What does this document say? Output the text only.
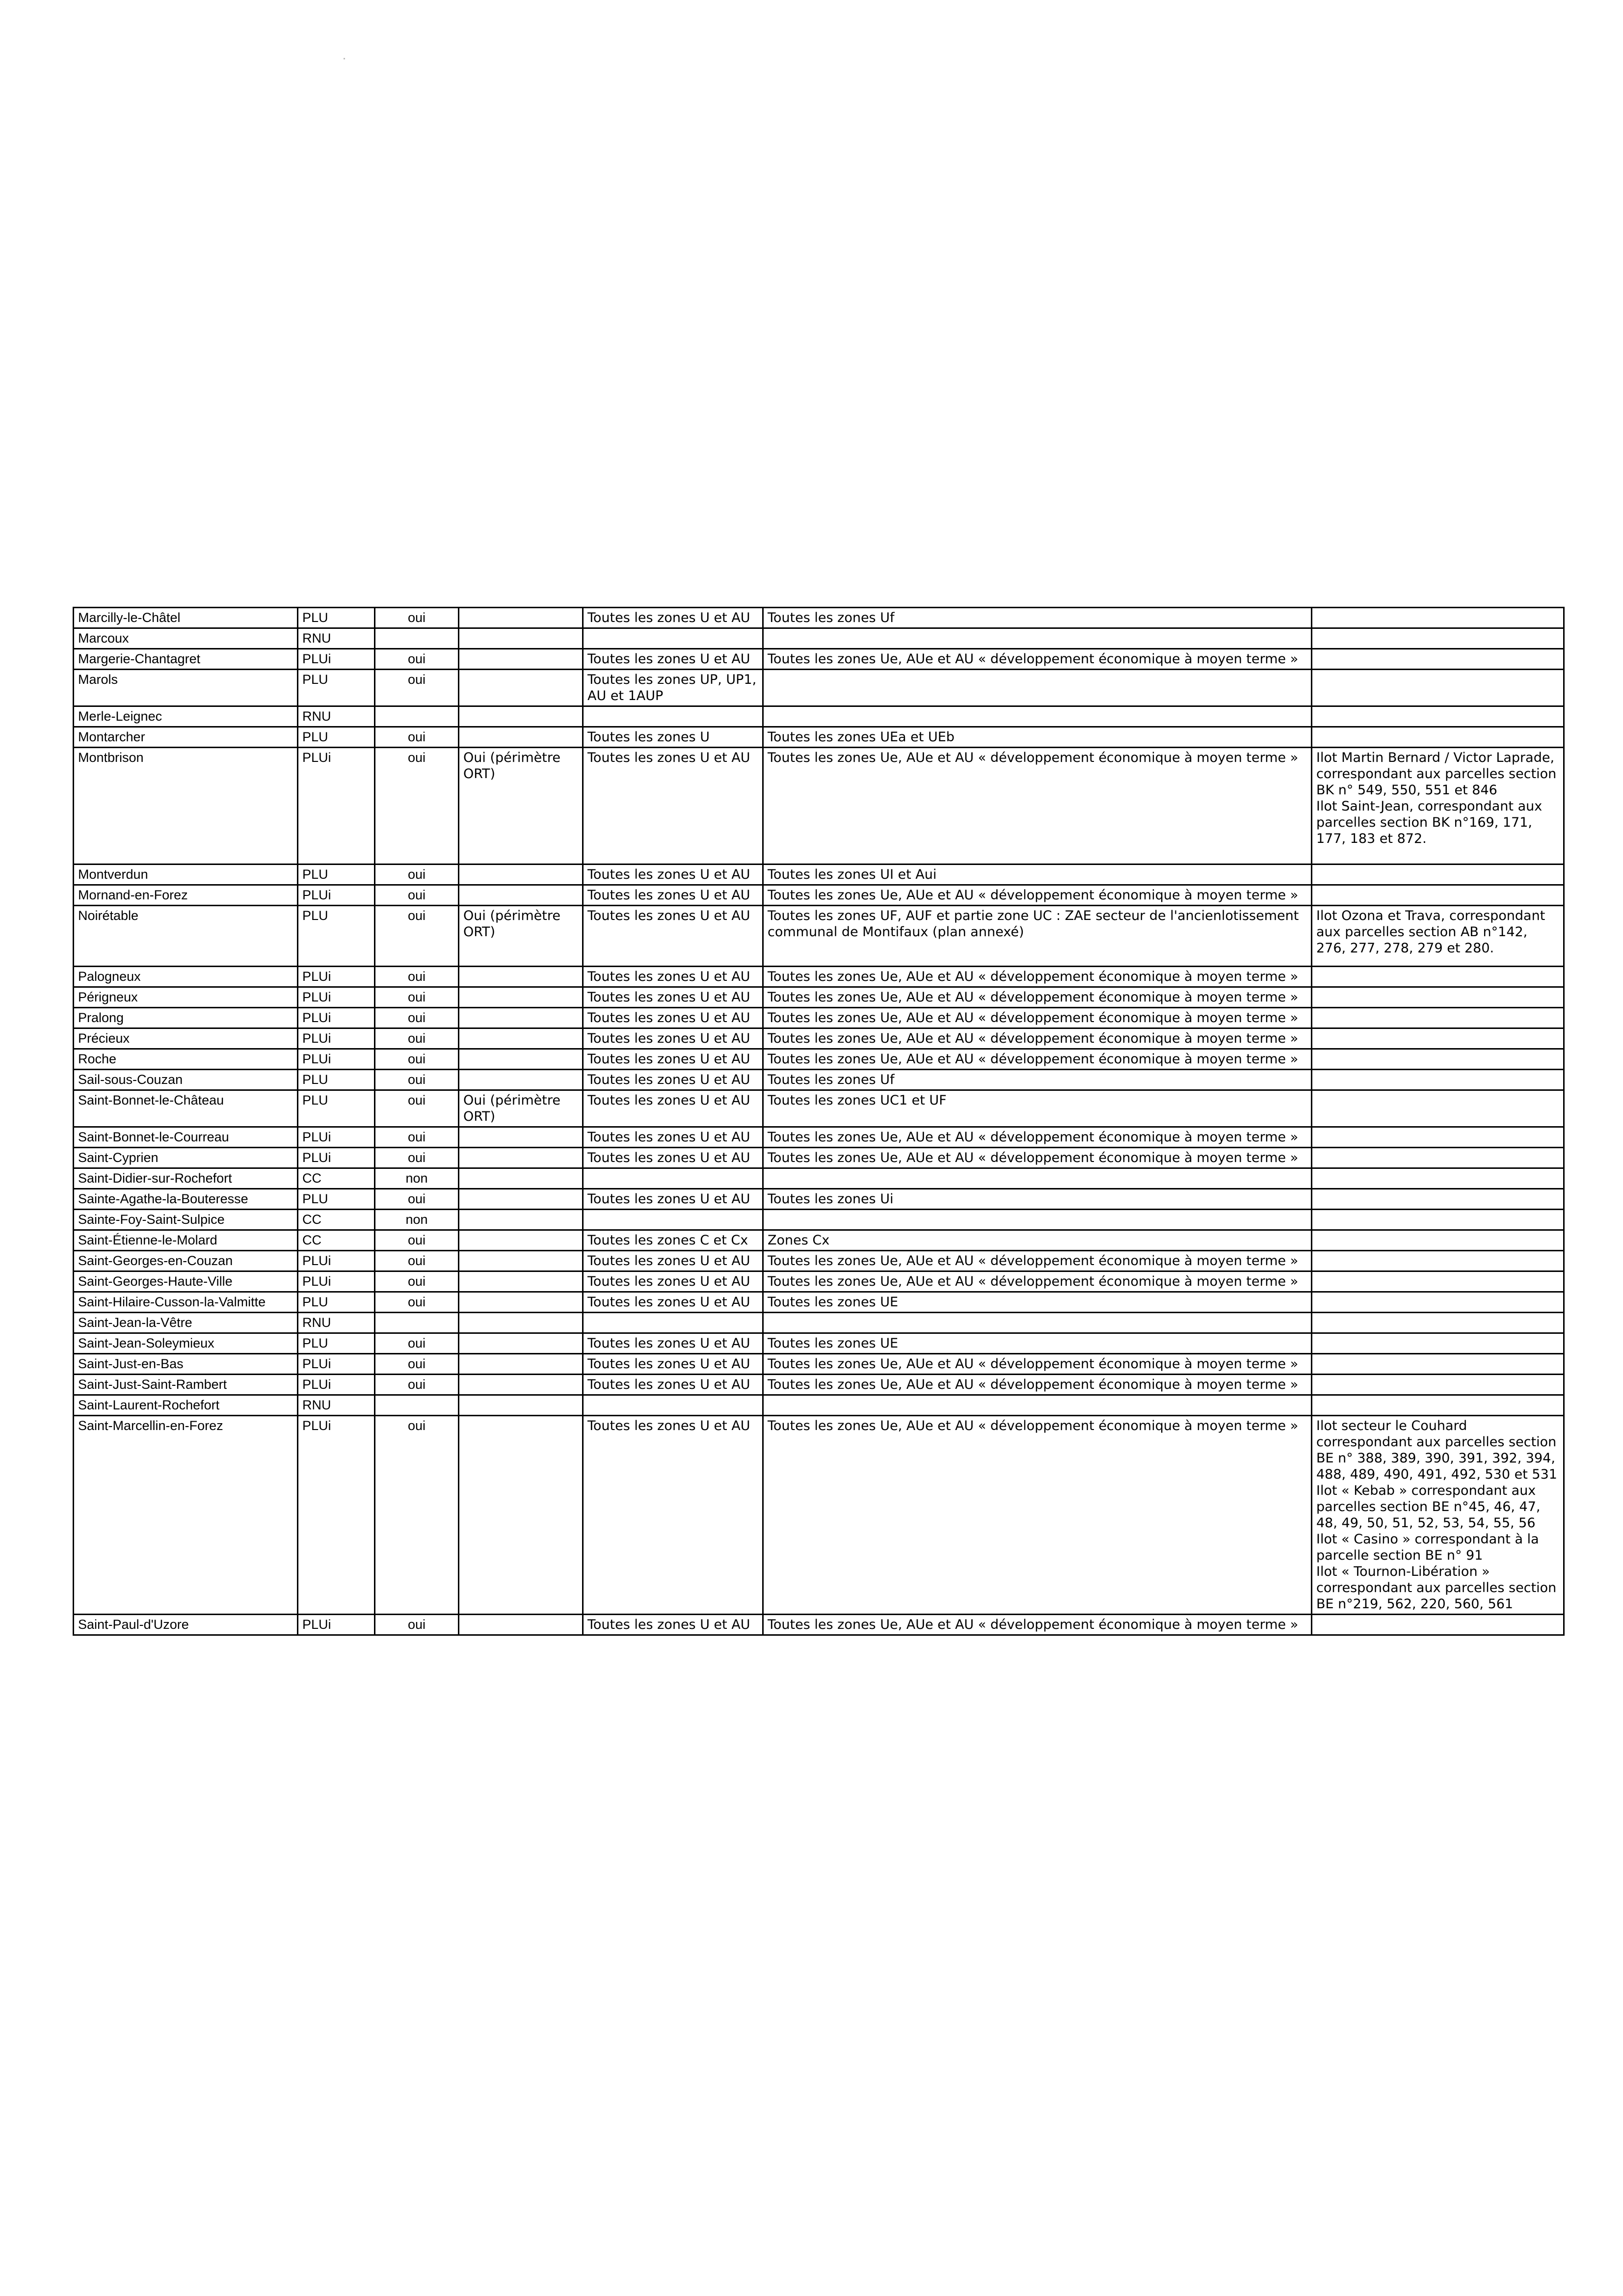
Marcilly-le-Châtel	PLU	oui		Toutes les zones U et AU	Toutes les zones Uf	
Marcoux	RNU					
Margerie-Chantagret	PLUi	oui		Toutes les zones U et AU	Toutes les zones Ue, AUe et AU « développement économique à moyen terme »	
Marols	PLU	oui		Toutes les zones UP, UP1, AU et 1AUP		
Merle-Leignec	RNU					
Montarcher	PLU	oui		Toutes les zones U	Toutes les zones UEa et UEb	
Montbrison	PLUi	oui	Oui (périmètre ORT)	Toutes les zones U et AU	Toutes les zones Ue, AUe et AU « développement économique à moyen terme »	Ilot Martin Bernard / Victor Laprade, correspondant aux parcelles section BK n° 549, 550, 551 et 846
Ilot Saint-Jean, correspondant aux parcelles section BK n°169, 171, 177, 183 et 872.
Montverdun	PLU	oui		Toutes les zones U et AU	Toutes les zones UI et Aui	
Mornand-en-Forez	PLUi	oui		Toutes les zones U et AU	Toutes les zones Ue, AUe et AU « développement économique à moyen terme »	
Noirétable	PLU	oui	Oui (périmètre ORT)	Toutes les zones U et AU	Toutes les zones UF, AUF et partie zone UC : ZAE secteur de l'ancienlotissement communal de Montifaux (plan annexé)	Ilot Ozona et Trava, correspondant aux parcelles section AB n°142, 276, 277, 278, 279 et 280.
Palogneux	PLUi	oui		Toutes les zones U et AU	Toutes les zones Ue, AUe et AU « développement économique à moyen terme »	
Périgneux	PLUi	oui		Toutes les zones U et AU	Toutes les zones Ue, AUe et AU « développement économique à moyen terme »	
Pralong	PLUi	oui		Toutes les zones U et AU	Toutes les zones Ue, AUe et AU « développement économique à moyen terme »	
Précieux	PLUi	oui		Toutes les zones U et AU	Toutes les zones Ue, AUe et AU « développement économique à moyen terme »	
Roche	PLUi	oui		Toutes les zones U et AU	Toutes les zones Ue, AUe et AU « développement économique à moyen terme »	
Sail-sous-Couzan	PLU	oui		Toutes les zones U et AU	Toutes les zones Uf	
Saint-Bonnet-le-Château	PLU	oui	Oui (périmètre ORT)	Toutes les zones U et AU	Toutes les zones UC1 et UF	
Saint-Bonnet-le-Courreau	PLUi	oui		Toutes les zones U et AU	Toutes les zones Ue, AUe et AU « développement économique à moyen terme »	
Saint-Cyprien	PLUi	oui		Toutes les zones U et AU	Toutes les zones Ue, AUe et AU « développement économique à moyen terme »	
Saint-Didier-sur-Rochefort	CC	non				
Sainte-Agathe-la-Bouteresse	PLU	oui		Toutes les zones U et AU	Toutes les zones Ui	
Sainte-Foy-Saint-Sulpice	CC	non				
Saint-Étienne-le-Molard	CC	oui		Toutes les zones C et Cx	Zones Cx	
Saint-Georges-en-Couzan	PLUi	oui		Toutes les zones U et AU	Toutes les zones Ue, AUe et AU « développement économique à moyen terme »	
Saint-Georges-Haute-Ville	PLUi	oui		Toutes les zones U et AU	Toutes les zones Ue, AUe et AU « développement économique à moyen terme »	
Saint-Hilaire-Cusson-la-Valmitte	PLU	oui		Toutes les zones U et AU	Toutes les zones UE	
Saint-Jean-la-Vêtre	RNU					
Saint-Jean-Soleymieux	PLU	oui		Toutes les zones U et AU	Toutes les zones UE	
Saint-Just-en-Bas	PLUi	oui		Toutes les zones U et AU	Toutes les zones Ue, AUe et AU « développement économique à moyen terme »	
Saint-Just-Saint-Rambert	PLUi	oui		Toutes les zones U et AU	Toutes les zones Ue, AUe et AU « développement économique à moyen terme »	
Saint-Laurent-Rochefort	RNU					
Saint-Marcellin-en-Forez	PLUi	oui		Toutes les zones U et AU	Toutes les zones Ue, AUe et AU « développement économique à moyen terme »	Ilot secteur le Couhard correspondant aux parcelles section BE n° 388, 389, 390, 391, 392, 394, 488, 489, 490, 491, 492, 530 et 531
Ilot « Kebab » correspondant aux parcelles section BE n°45, 46, 47, 48, 49, 50, 51, 52, 53, 54, 55, 56
Ilot « Casino » correspondant à la parcelle section BE n° 91
Ilot « Tournon-Libération » correspondant aux parcelles section BE n°219, 562, 220, 560, 561
Saint-Paul-d'Uzore	PLUi	oui		Toutes les zones U et AU	Toutes les zones Ue, AUe et AU « développement économique à moyen terme »	
